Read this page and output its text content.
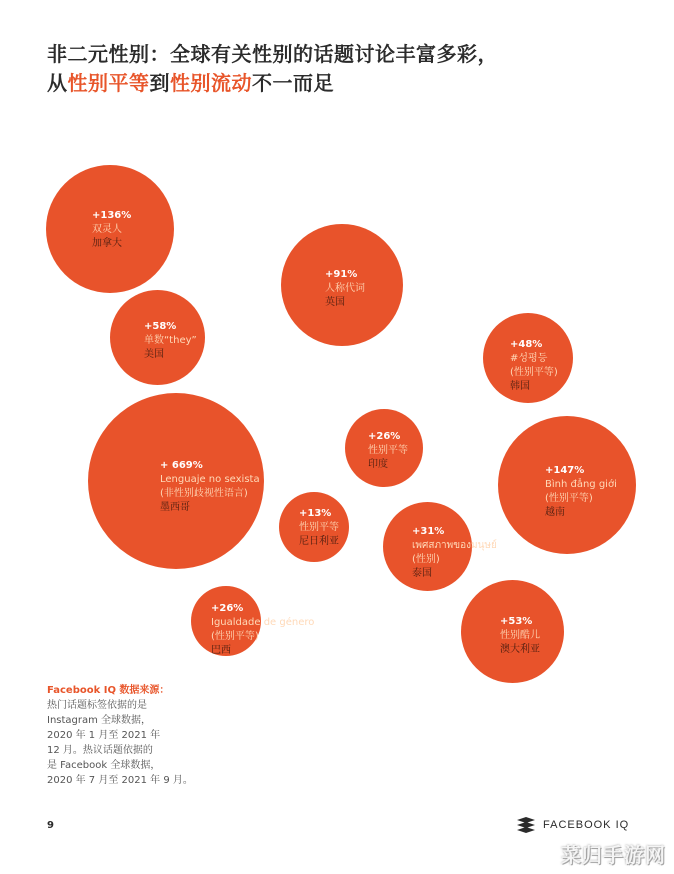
非二元性别：全球有关性别的话题讨论丰富多彩，
从性别平等到性别流动不一而足
+136%
双灵人
加拿大
+91%
人称代词
英国
+58%
单数“they”
美国
+48%
#성평등
(性别平等)
韩国
+26%
性别平等
印度
+ 669%
Lenguaje no sexista
(非性别歧视性语言)
墨西哥
+147%
Bình đẳng giới
(性别平等)
越南
+13%
性别平等
尼日利亚
+31%
เพศสภาพของมนุษย์
(性别)
泰国
+26%
Igualdade de género
(性别平等)
巴西
+53%
性别酷儿
澳大利亚
Facebook IQ 数据来源：
热门话题标签依据的是
Instagram 全球数据，
2020 年 1 月至 2021 年
12 月。热议话题依据的
是 Facebook 全球数据，
2020 年 7 月至 2021 年 9 月。
9	FACEBOOK IQ
菜归手游网
